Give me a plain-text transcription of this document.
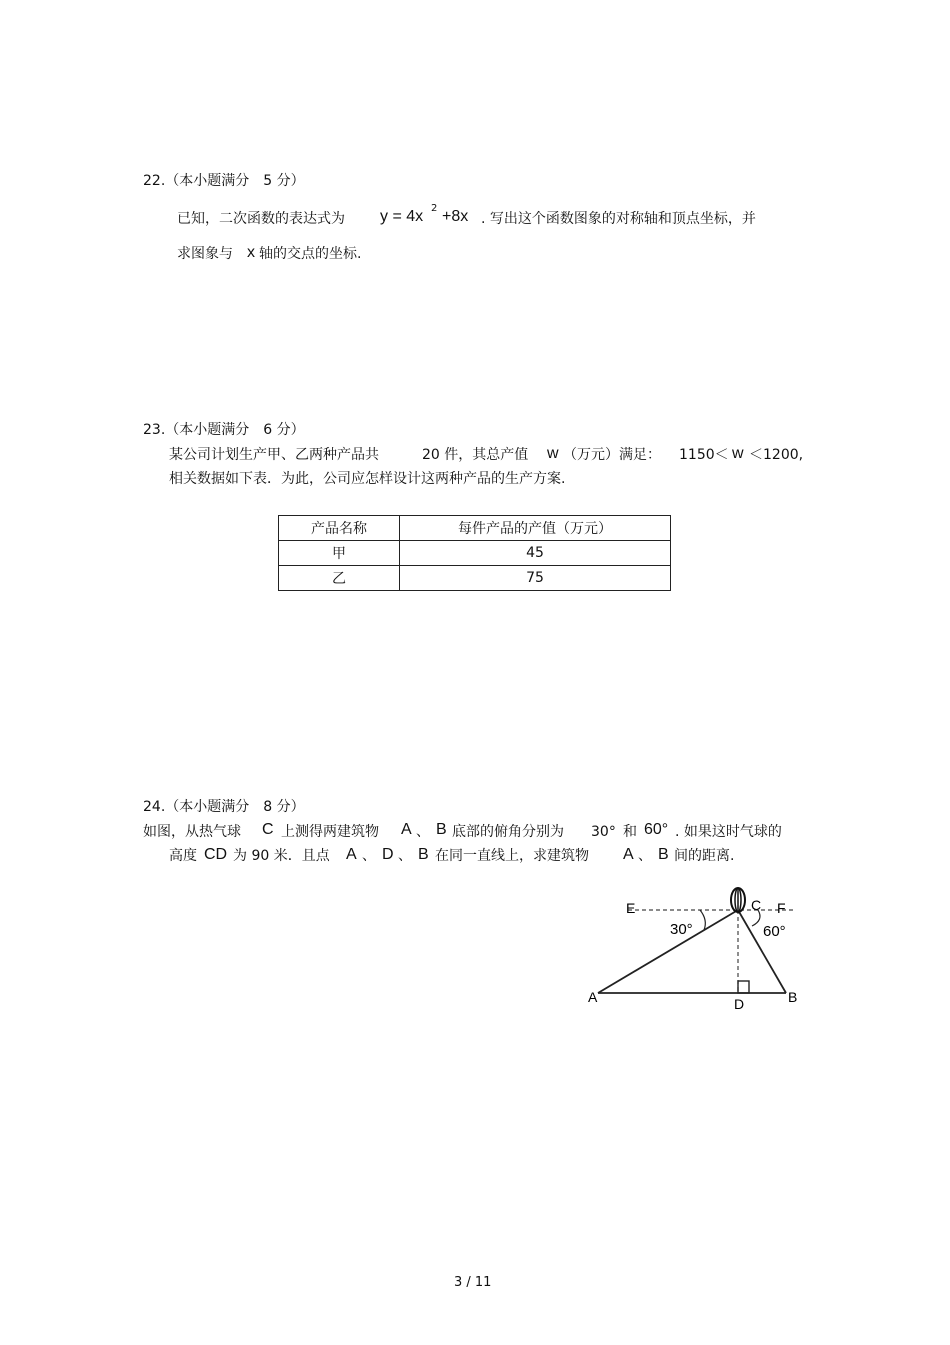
22.（本小题满分　5 分）
已知，二次函数的表达式为 y = 4x 2 +8x . 写出这个函数图象的对称轴和顶点坐标，并
求图象与 x 轴的交点的坐标.
23.（本小题满分　6 分）
某公司计划生产甲、乙两种产品共	20 件，其总产值 w （万元）满足： 1150＜ w ＜1200,
相关数据如下表．为此，公司应怎样设计这两种产品的生产方案.
产品名称	每件产品的产值（万元）
甲	45
乙	75
24.（本小题满分　8 分）
如图，从热气球 C 上测得两建筑物 A 、 B 底部的俯角分别为 30° 和 60° . 如果这时气球的
高度 CD 为 90 米．且点 A 、 D 、 B 在同一直线上，求建筑物 A 、 B 间的距离.
E	C F
30°	60°
A	D	B
3 / 11
